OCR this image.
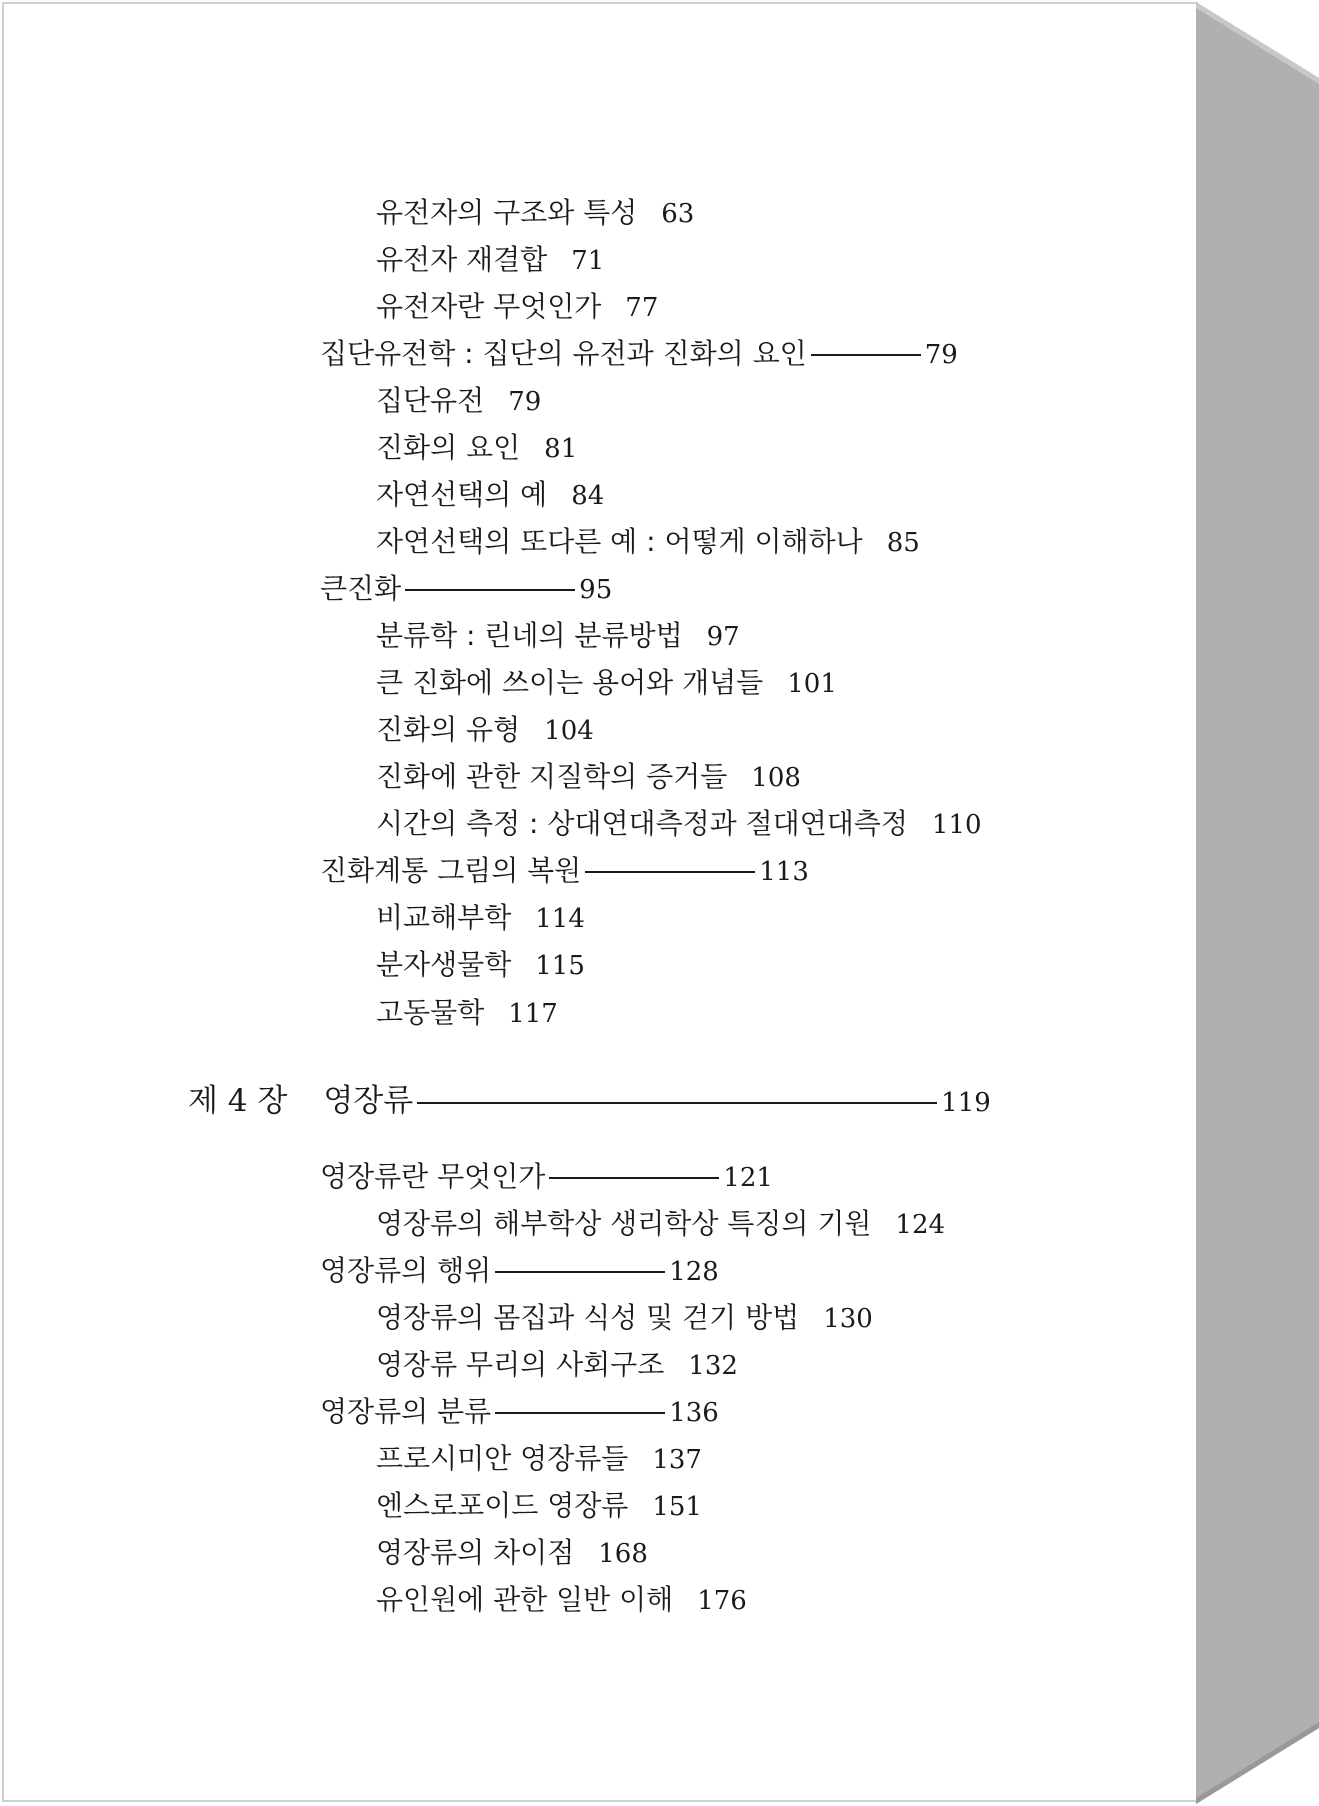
유전자의 구조와 특성 63
유전자 재결합 71
유전자란 무엇인가 77
집단유전학 : 집단의 유전과 진화의 요인	79
집단유전 79
진화의 요인 81
자연선택의 예 84
자연선택의 또다른 예 : 어떻게 이해하나 85
큰진화	95
분류학 : 린네의 분류방법 97
큰 진화에 쓰이는 용어와 개념들 101
진화의 유형 104
진화에 관한 지질학의 증거들 108
시간의 측정 : 상대연대측정과 절대연대측정 110
진화계통 그림의 복원	113
비교해부학 114
분자생물학 115
고동물학 117
제 4 장 영장류	119
영장류란 무엇인가	121
영장류의 해부학상 생리학상 특징의 기원 124
영장류의 행위	128
영장류의 몸집과 식성 및 걷기 방법 130
영장류 무리의 사회구조 132
영장류의 분류	136
프로시미안 영장류들 137
엔스로포이드 영장류 151
영장류의 차이점 168
유인원에 관한 일반 이해 176
